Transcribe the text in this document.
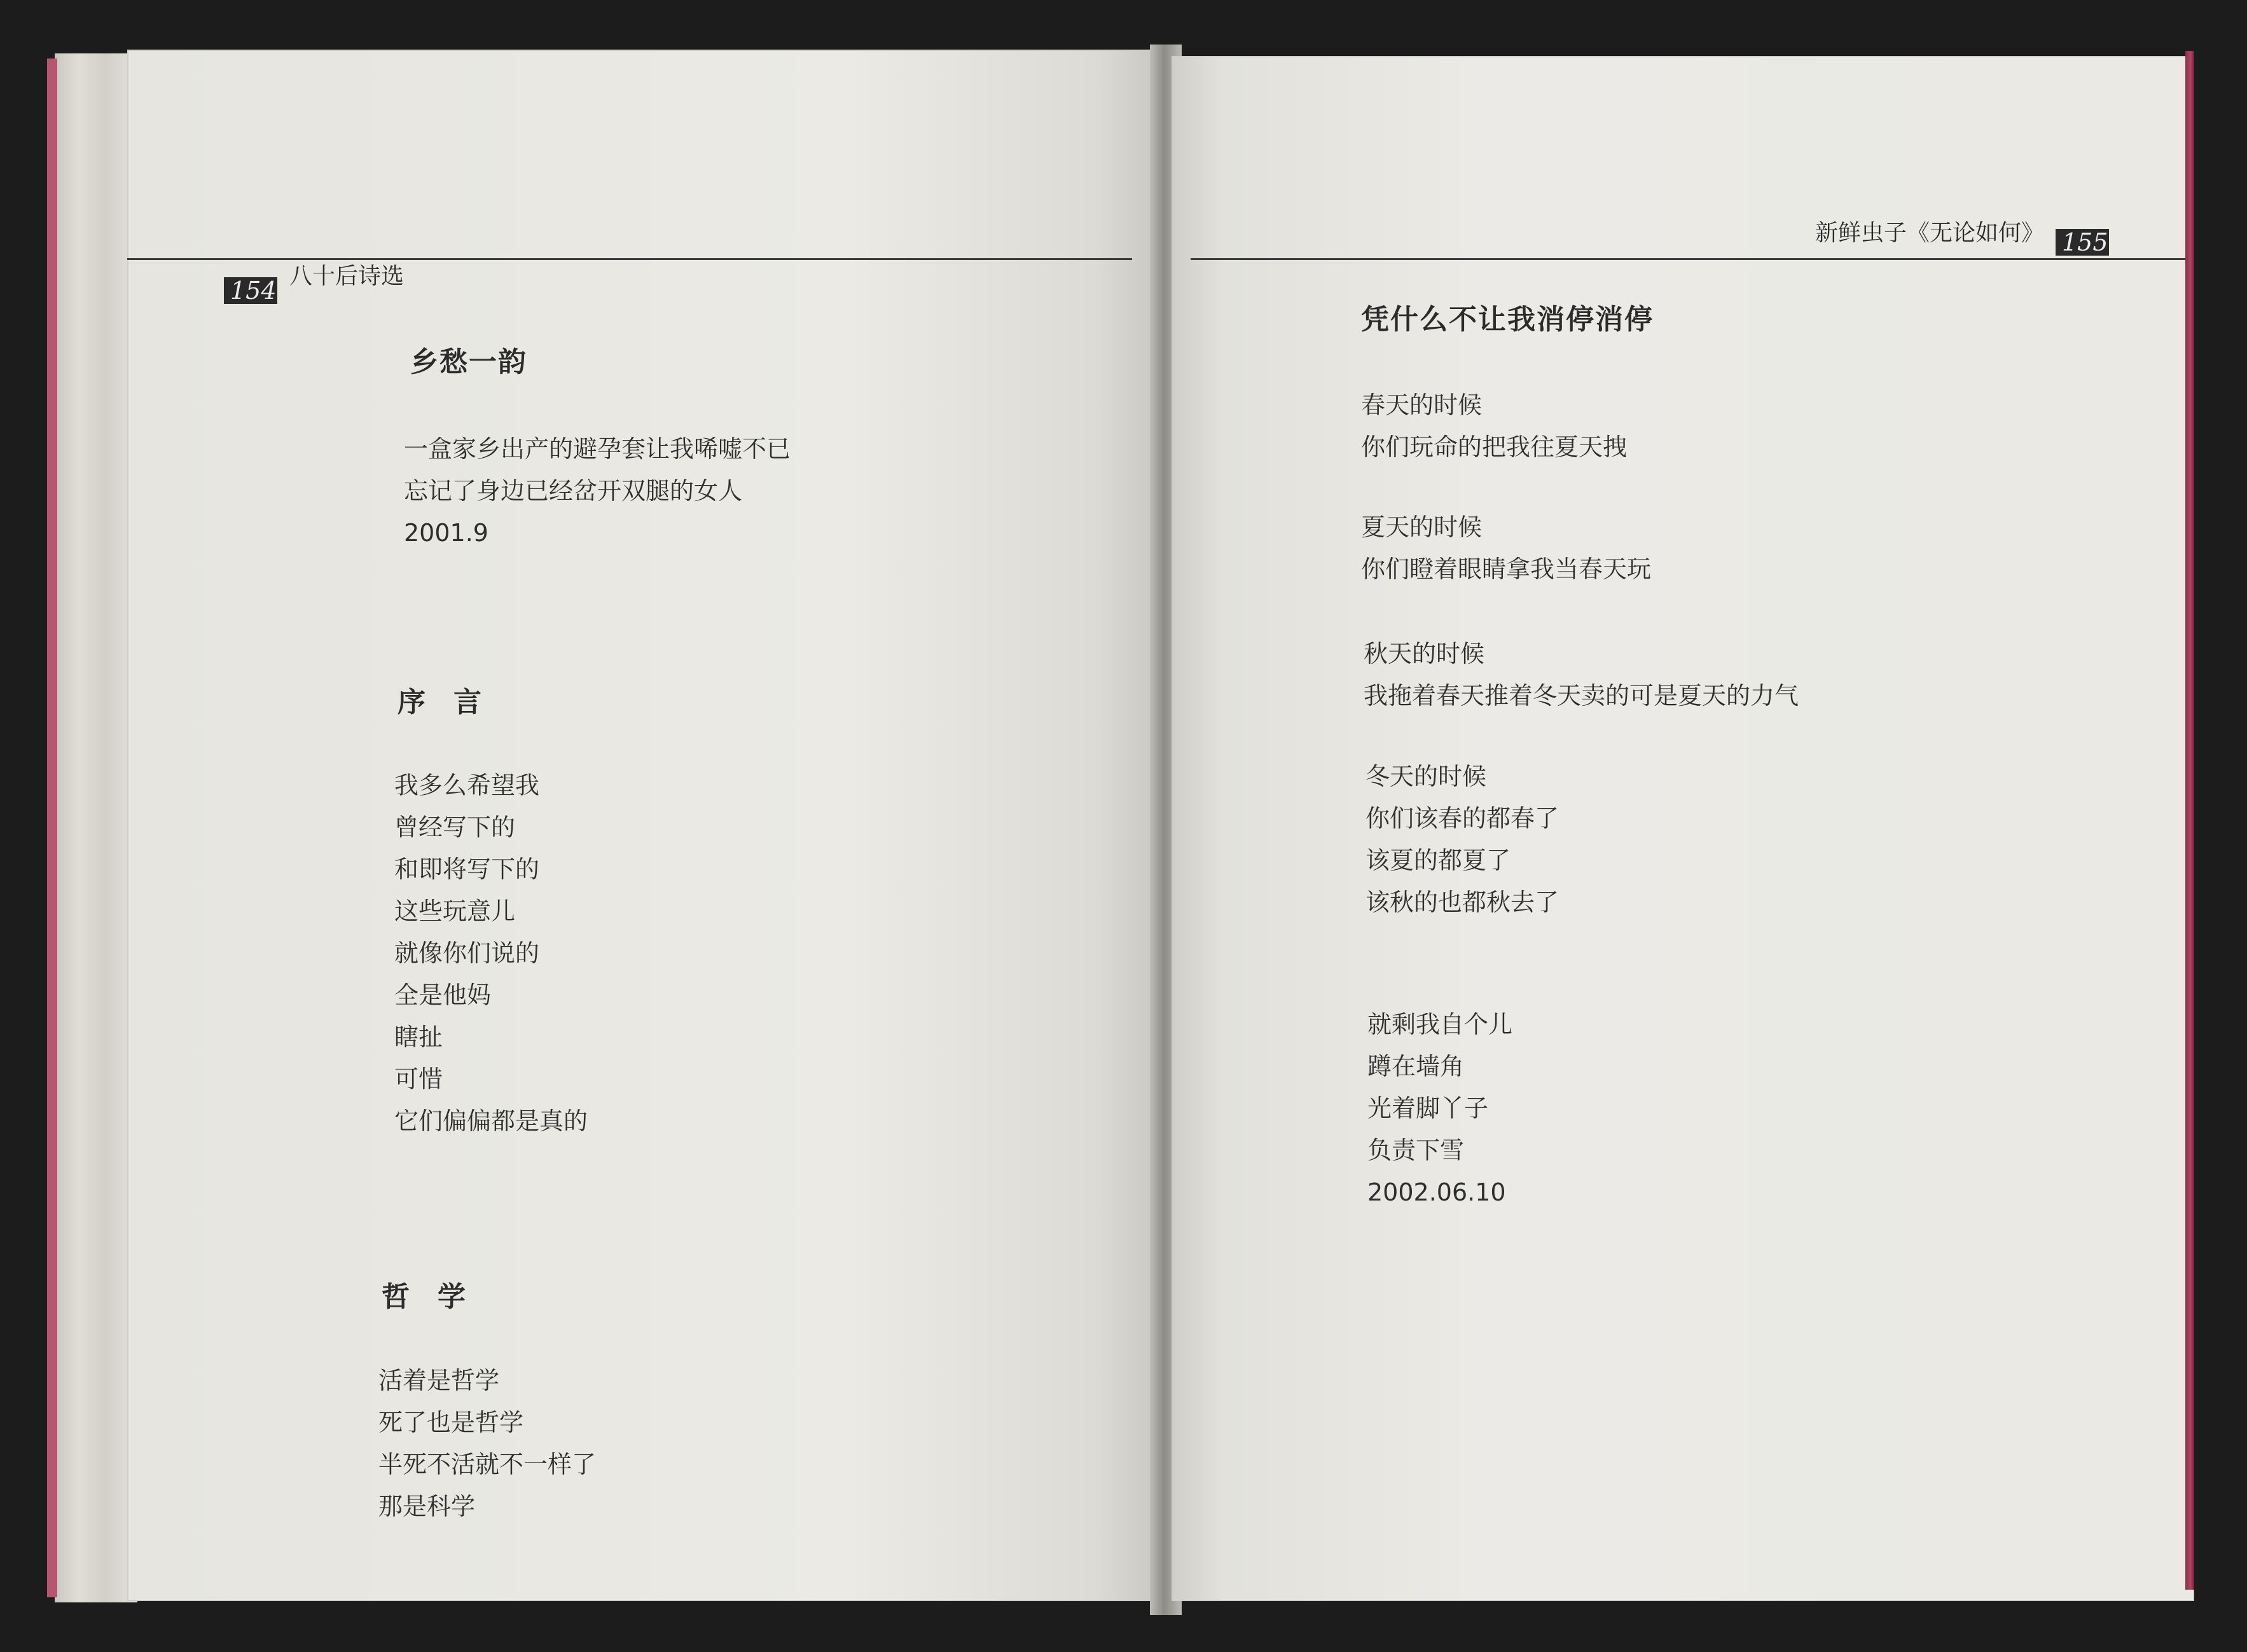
154
八十后诗选
乡愁一韵
一盒家乡出产的避孕套让我唏嘘不已
忘记了身边已经岔开双腿的女人
2001.9
序言
我多么希望我
曾经写下的
和即将写下的
这些玩意儿
就像你们说的
全是他妈
瞎扯
可惜
它们偏偏都是真的
哲学
活着是哲学
死了也是哲学
半死不活就不一样了
那是科学
新鲜虫子《无论如何》 155
凭什么不让我消停消停
春天的时候
你们玩命的把我往夏天拽
夏天的时候
你们瞪着眼睛拿我当春天玩
秋天的时候
我拖着春天推着冬天卖的可是夏天的力气
冬天的时候
你们该春的都春了
该夏的都夏了
该秋的也都秋去了
就剩我自个儿
蹲在墙角
光着脚丫子
负责下雪
2002.06.10
